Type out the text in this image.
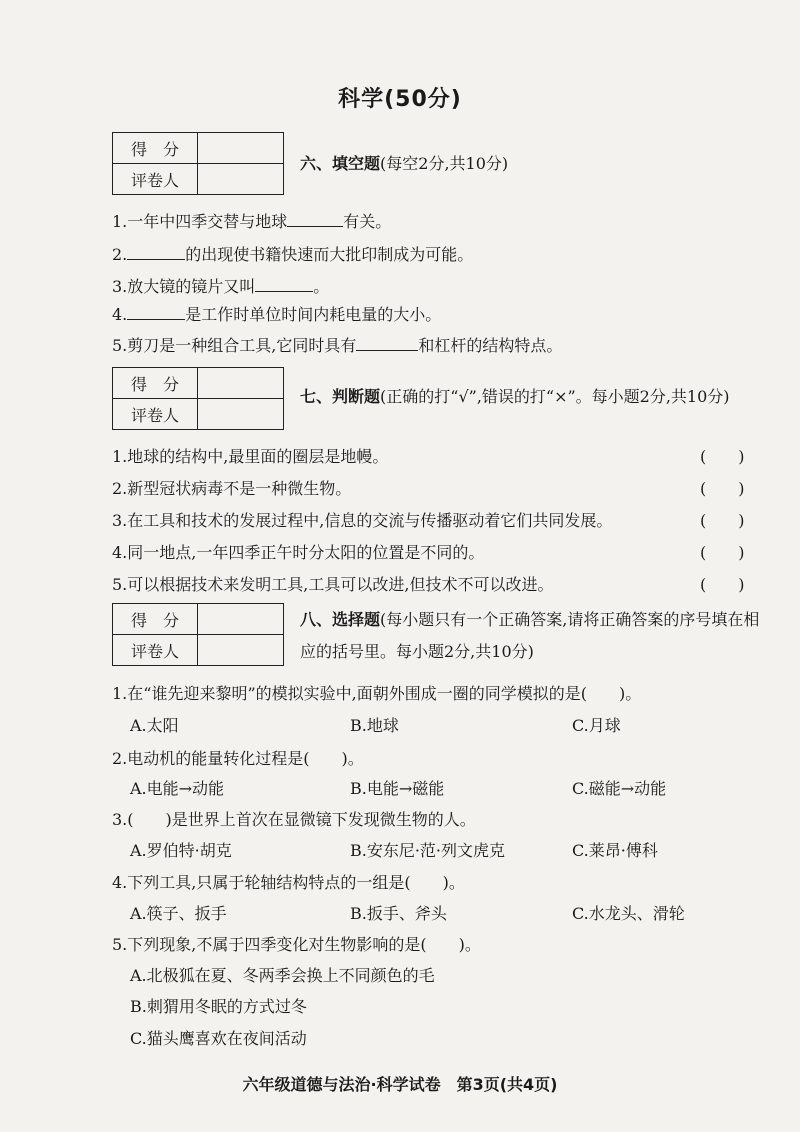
科学(50分)
得　分	
评卷人	
六、填空题(每空2分,共10分)
1.一年中四季交替与地球	有关。
2.	的出现使书籍快速而大批印制成为可能。
3.放大镜的镜片又叫	。
4.	是工作时单位时间内耗电量的大小。
5.剪刀是一种组合工具,它同时具有	和杠杆的结构特点。
得　分	
评卷人	
七、判断题(正确的打“√”,错误的打“×”。每小题2分,共10分)
1.地球的结构中,最里面的圈层是地幔。	(　　)
2.新型冠状病毒不是一种微生物。	(　　)
3.在工具和技术的发展过程中,信息的交流与传播驱动着它们共同发展。	(　　)
4.同一地点,一年四季正午时分太阳的位置是不同的。	(　　)
5.可以根据技术来发明工具,工具可以改进,但技术不可以改进。	(　　)
得　分	
评卷人	
八、选择题(每小题只有一个正确答案,请将正确答案的序号填在相
应的括号里。每小题2分,共10分)
1.在“谁先迎来黎明”的模拟实验中,面朝外围成一圈的同学模拟的是(　　)。
A.太阳	B.地球	C.月球
2.电动机的能量转化过程是(　　)。
A.电能→动能	B.电能→磁能	C.磁能→动能
3.(　　)是世界上首次在显微镜下发现微生物的人。
A.罗伯特·胡克	B.安东尼·范·列文虎克	C.莱昂·傅科
4.下列工具,只属于轮轴结构特点的一组是(　　)。
A.筷子、扳手	B.扳手、斧头	C.水龙头、滑轮
5.下列现象,不属于四季变化对生物影响的是(　　)。
A.北极狐在夏、冬两季会换上不同颜色的毛
B.刺猬用冬眠的方式过冬
C.猫头鹰喜欢在夜间活动
六年级道德与法治·科学试卷　第3页(共4页)
